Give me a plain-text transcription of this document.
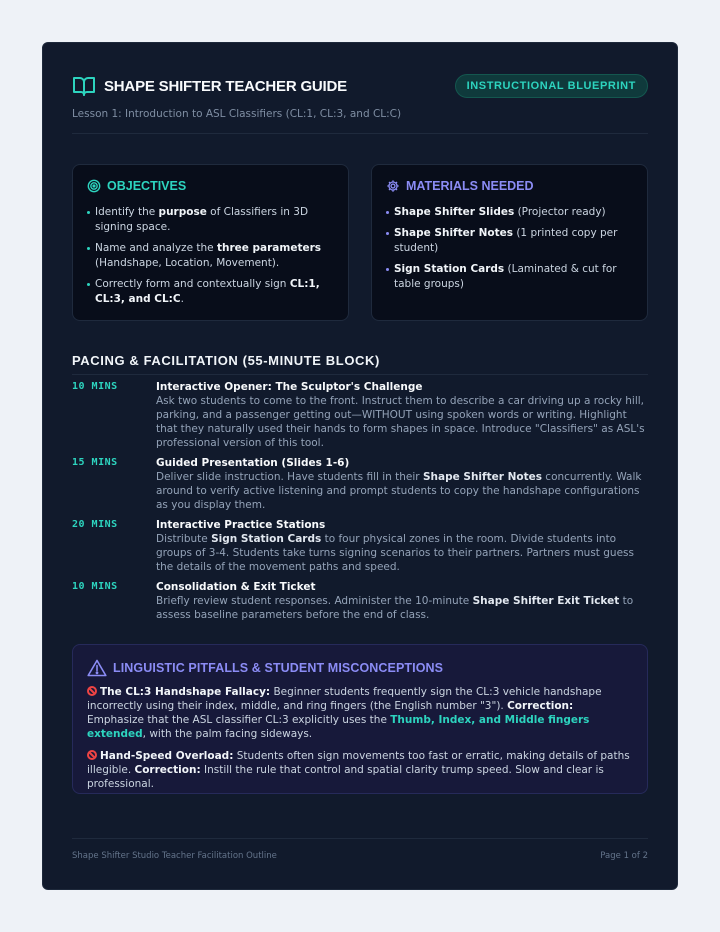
SHAPE SHIFTER TEACHER GUIDE	INSTRUCTIONAL BLUEPRINT
Lesson 1: Introduction to ASL Classifiers (CL:1, CL:3, and CL:C)
OBJECTIVES
Identify the purpose of Classifiers in 3D signing space.
Name and analyze the three parameters (Handshape, Location, Movement).
Correctly form and contextually sign CL:1, CL:3, and CL:C.
MATERIALS NEEDED
Shape Shifter Slides (Projector ready)
Shape Shifter Notes (1 printed copy per student)
Sign Station Cards (Laminated & cut for table groups)
PACING & FACILITATION (55-MINUTE BLOCK)
10 MINS	Interactive Opener: The Sculptor's Challenge
Ask two students to come to the front. Instruct them to describe a car driving up a rocky hill, parking, and a passenger getting out—WITHOUT using spoken words or writing. Highlight that they naturally used their hands to form shapes in space. Introduce "Classifiers" as ASL's professional version of this tool.
15 MINS	Guided Presentation (Slides 1-6)
Deliver slide instruction. Have students fill in their Shape Shifter Notes concurrently. Walk around to verify active listening and prompt students to copy the handshape configurations as you display them.
20 MINS	Interactive Practice Stations
Distribute Sign Station Cards to four physical zones in the room. Divide students into groups of 3-4. Students take turns signing scenarios to their partners. Partners must guess the details of the movement paths and speed.
10 MINS	Consolidation & Exit Ticket
Briefly review student responses. Administer the 10-minute Shape Shifter Exit Ticket to assess baseline parameters before the end of class.
LINGUISTIC PITFALLS & STUDENT MISCONCEPTIONS

The CL:3 Handshape Fallacy: Beginner students frequently sign the CL:3 vehicle handshape incorrectly using their index, middle, and ring fingers (the English number "3"). Correction: Emphasize that the ASL classifier CL:3 explicitly uses the Thumb, Index, and Middle fingers extended, with the palm facing sideways.

Hand-Speed Overload: Students often sign movements too fast or erratic, making details of paths illegible. Correction: Instill the rule that control and spatial clarity trump speed. Slow and clear is professional.

Shape Shifter Studio Teacher Facilitation Outline	Page 1 of 2
